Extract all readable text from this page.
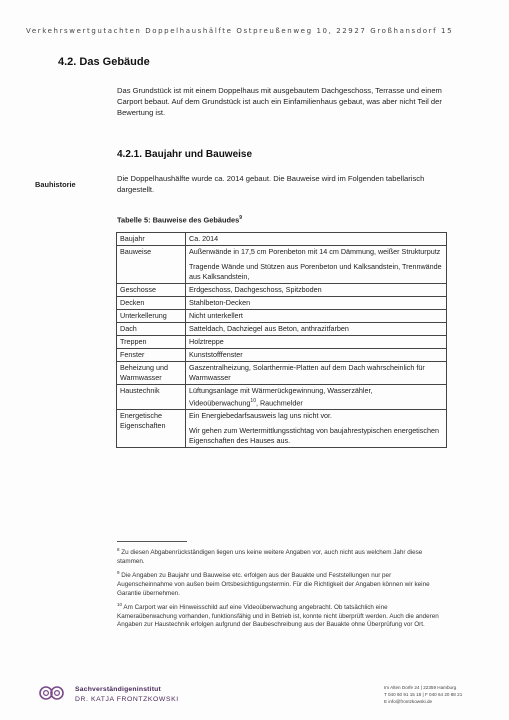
Verkehrswertgutachten Doppelhaushälfte Ostpreußenweg 10, 22927 Großhansdorf 15
4.2. Das Gebäude
Das Grundstück ist mit einem Doppelhaus mit ausgebautem Dachgeschoss, Terrasse und einem Carport bebaut. Auf dem Grundstück ist auch ein Einfamilienhaus gebaut, was aber nicht Teil der Bewertung ist.
4.2.1. Baujahr und Bauweise
Bauhistorie
Die Doppelhaushälfte wurde ca. 2014 gebaut. Die Bauweise wird im Folgenden tabellarisch dargestellt.
Tabelle 5: Bauweise des Gebäudes$^9$
Baujahr	Ca. 2014
Bauweise	Außenwände in 17,5 cm Porenbeton mit 14 cm Dämmung, weißer Strukturputz

Tragende Wände und Stützen aus Porenbeton und Kalksandstein, Trennwände aus Kalksandstein,

Geschosse	Erdgeschoss, Dachgeschoss, Spitzboden
Decken	Stahlbeton-Decken
Unterkellerung	Nicht unterkellert
Dach	Satteldach, Dachziegel aus Beton, anthrazitfarben
Treppen	Holztreppe
Fenster	Kunststofffenster
Beheizung und Warmwasser	Gaszentralheizung, Solarthermie-Platten auf dem Dach wahrscheinlich für Warmwasser
Haustechnik	Lüftungsanlage mit Wärmerückgewinnung, Wasserzähler, Videoüberwachung$^{10}$, Rauchmelder
Energetische Eigenschaften	Ein Energiebedarfsausweis lag uns nicht vor.

Wir gehen zum Wertermittlungsstichtag von baujahrestypischen energetischen Eigenschaften des Hauses aus.

$^8$ Zu diesen Abgabenrückständigen liegen uns keine weitere Angaben vor, auch nicht aus welchem Jahr diese stammen.

$^9$ Die Angaben zu Baujahr und Bauweise etc. erfolgen aus der Bauakte und Feststellungen nur per Augenscheinnahme von außen beim Ortsbesichtigungstermin. Für die Richtigkeit der Angaben können wir keine Garantie übernehmen.

$^{10}$ Am Carport war ein Hinweisschild auf eine Videoüberwachung angebracht. Ob tatsächlich eine Kameraüberwachung vorhanden, funktionsfähig und in Betrieb ist, konnte nicht überprüft werden. Auch die anderen Angaben zur Haustechnik erfolgen aufgrund der Baubeschreibung aus der Bauakte ohne Überprüfung vor Ort.

Sachverständigeninstitut
DR. KATJA FRONTZKOWSKI
Im Alten Dorfe 24 | 22359 Hamburg
T 040 60 91 15 18 | F 040 64 20 88 21
E info@frontzkowski.de
